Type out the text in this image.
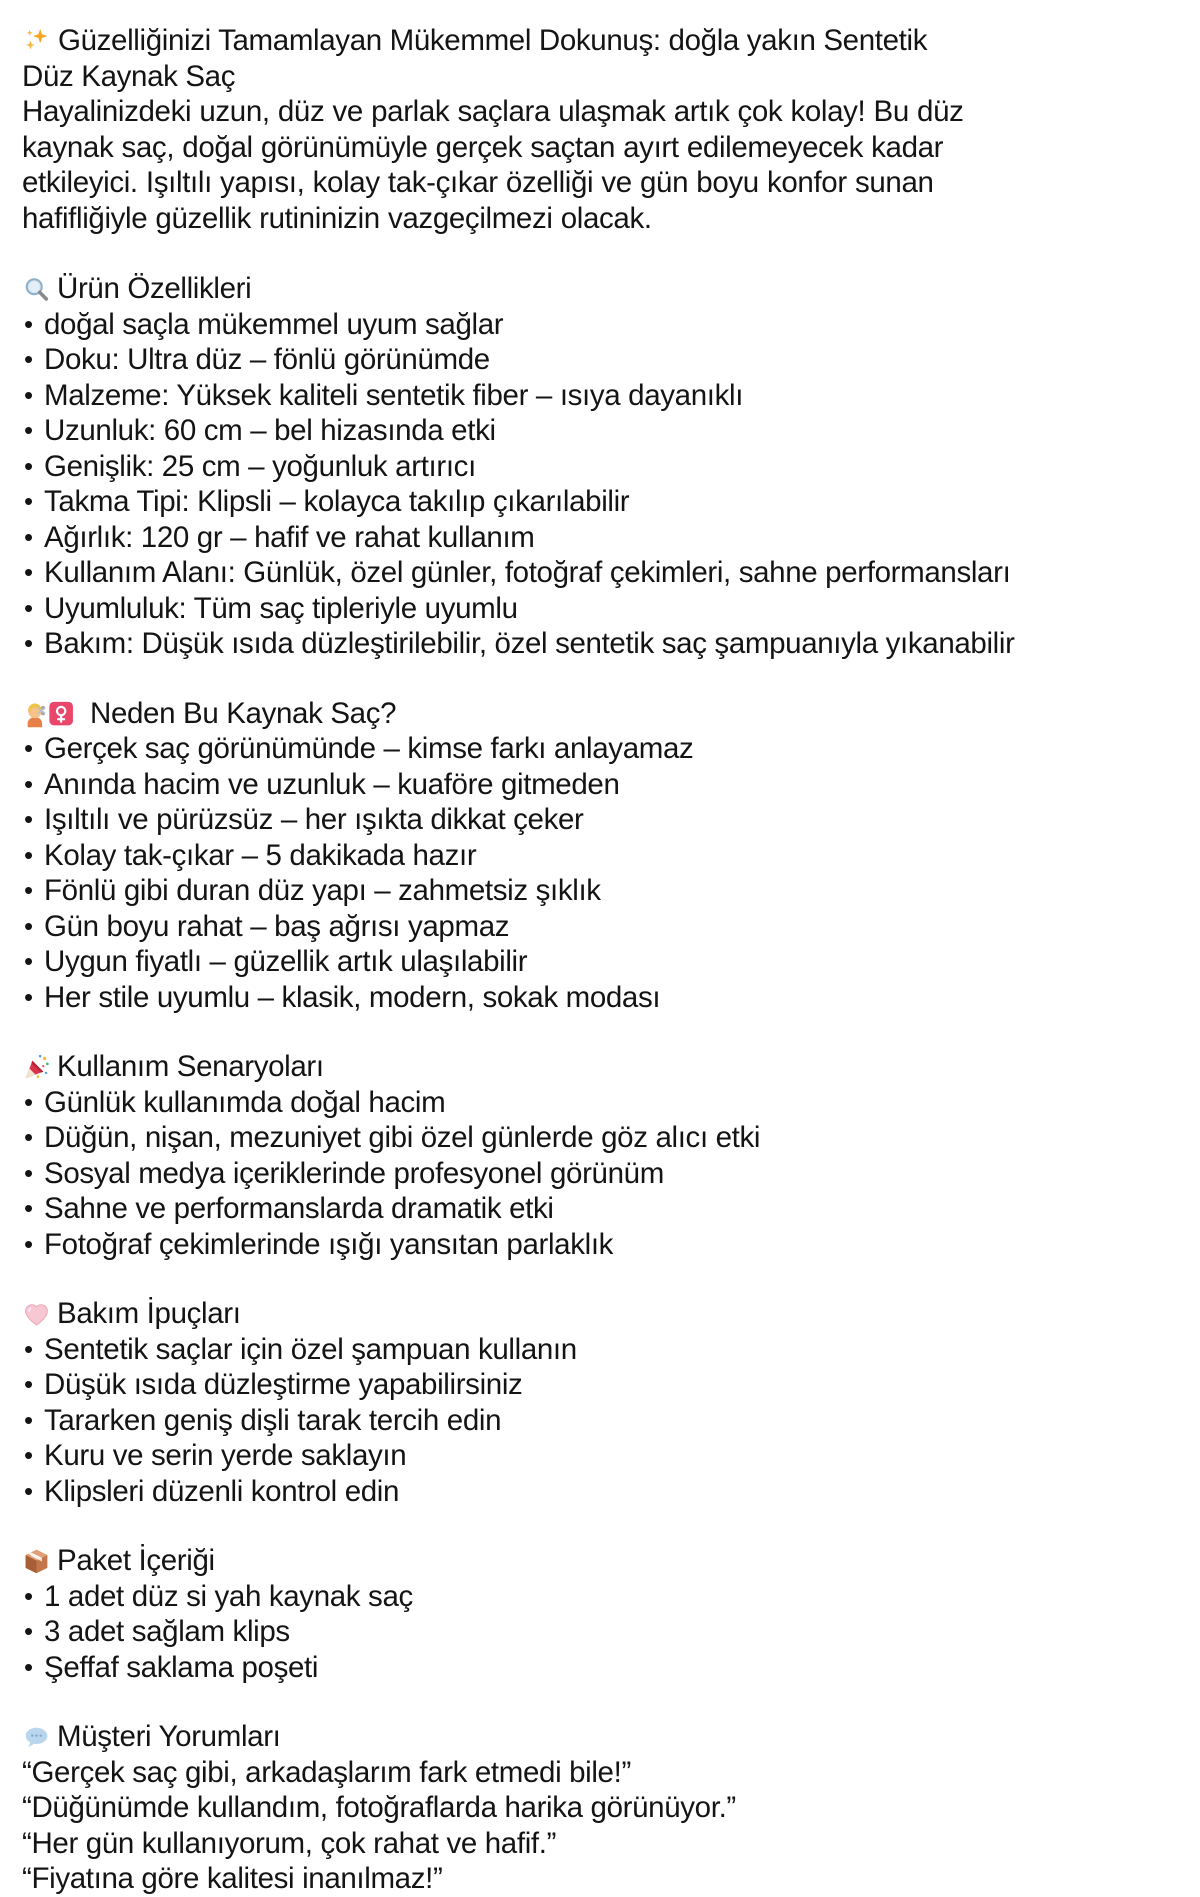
Güzelliğinizi Tamamlayan Mükemmel Dokunuş: doğla yakın Sentetik
Düz Kaynak Saç
Hayalinizdeki uzun, düz ve parlak saçlara ulaşmak artık çok kolay! Bu düz kaynak saç, doğal görünümüyle gerçek saçtan ayırt edilemeyecek kadar etkileyici. Işıltılı yapısı, kolay tak-çıkar özelliği ve gün boyu konfor sunan hafifliğiyle güzellik rutininizin vazgeçilmezi olacak.
Ürün Özellikleri
• doğal saçla mükemmel uyum sağlar
• Doku: Ultra düz – fönlü görünümde
• Malzeme: Yüksek kaliteli sentetik fiber – ısıya dayanıklı
• Uzunluk: 60 cm – bel hizasında etki
• Genişlik: 25 cm – yoğunluk artırıcı
• Takma Tipi: Klipsli – kolayca takılıp çıkarılabilir
• Ağırlık: 120 gr – hafif ve rahat kullanım
• Kullanım Alanı: Günlük, özel günler, fotoğraf çekimleri, sahne performansları
• Uyumluluk: Tüm saç tipleriyle uyumlu
• Bakım: Düşük ısıda düzleştirilebilir, özel sentetik saç şampuanıyla yıkanabilir
Neden Bu Kaynak Saç?
• Gerçek saç görünümünde – kimse farkı anlayamaz
• Anında hacim ve uzunluk – kuaföre gitmeden
• Işıltılı ve pürüzsüz – her ışıkta dikkat çeker
• Kolay tak-çıkar – 5 dakikada hazır
• Fönlü gibi duran düz yapı – zahmetsiz şıklık
• Gün boyu rahat – baş ağrısı yapmaz
• Uygun fiyatlı – güzellik artık ulaşılabilir
• Her stile uyumlu – klasik, modern, sokak modası
Kullanım Senaryoları
• Günlük kullanımda doğal hacim
• Düğün, nişan, mezuniyet gibi özel günlerde göz alıcı etki
• Sosyal medya içeriklerinde profesyonel görünüm
• Sahne ve performanslarda dramatik etki
• Fotoğraf çekimlerinde ışığı yansıtan parlaklık
Bakım İpuçları
• Sentetik saçlar için özel şampuan kullanın
• Düşük ısıda düzleştirme yapabilirsiniz
• Tararken geniş dişli tarak tercih edin
• Kuru ve serin yerde saklayın
• Klipsleri düzenli kontrol edin
Paket İçeriği
• 1 adet düz si yah kaynak saç
• 3 adet sağlam klips
• Şeffaf saklama poşeti
Müşteri Yorumları
“Gerçek saç gibi, arkadaşlarım fark etmedi bile!”
“Düğünümde kullandım, fotoğraflarda harika görünüyor.”
“Her gün kullanıyorum, çok rahat ve hafif.”
“Fiyatına göre kalitesi inanılmaz!”
